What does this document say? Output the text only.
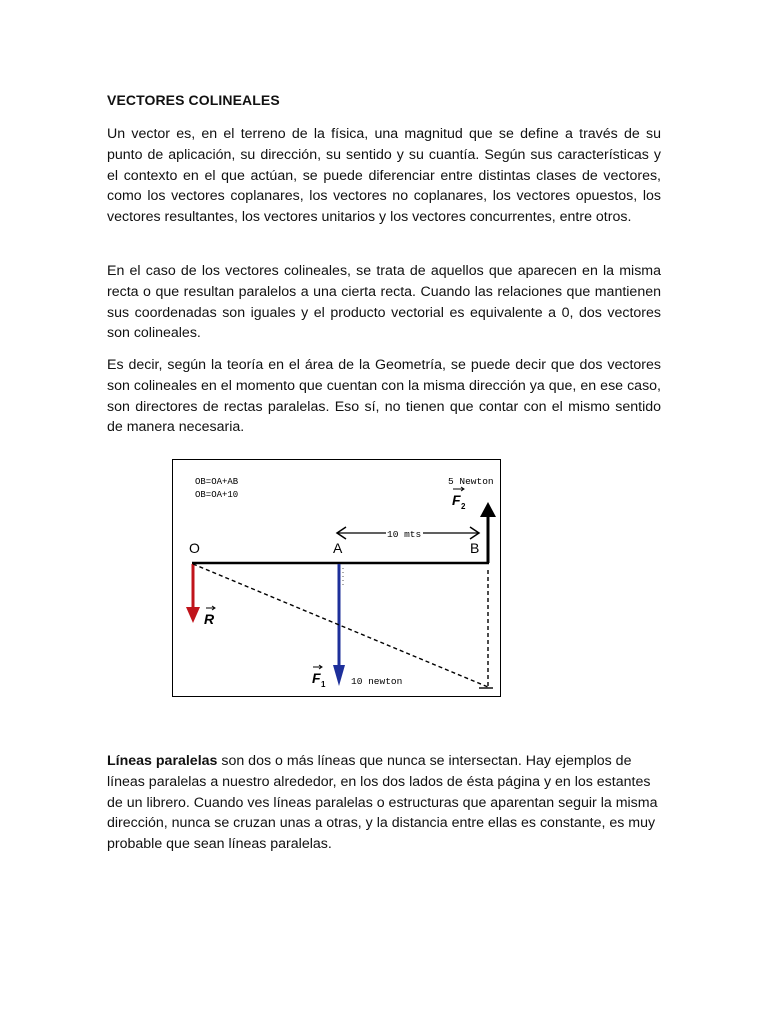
VECTORES COLINEALES

Un vector es, en el terreno de la física, una magnitud que se define a través de su punto de aplicación, su dirección, su sentido y su cuantía. Según sus características y el contexto en el que actúan, se puede diferenciar entre distintas clases de vectores, como los vectores coplanares, los vectores no coplanares, los vectores opuestos, los vectores resultantes, los vectores unitarios y los vectores concurrentes, entre otros.

En el caso de los vectores colineales, se trata de aquellos que aparecen en la misma recta o que resultan paralelos a una cierta recta. Cuando las relaciones que mantienen sus coordenadas son iguales y el producto vectorial es equivalente a 0, dos vectores son colineales.

Es decir, según la teoría en el área de la Geometría, se puede decir que dos vectores son colineales en el momento que cuentan con la misma dirección ya que, en ese caso, son directores de rectas paralelas. Eso sí, no tienen que contar con el mismo sentido de manera necesaria.

OB=OA+AB
OB=OA+10
5 Newton
F 2
O	A	B
10 mts
R
F 1	10 newton

Líneas paralelas son dos o más líneas que nunca se intersectan. Hay ejemplos de líneas paralelas a nuestro alrededor, en los dos lados de ésta página y en los estantes de un librero. Cuando ves líneas paralelas o estructuras que aparentan seguir la misma dirección, nunca se cruzan unas a otras, y la distancia entre ellas es constante, es muy probable que sean líneas paralelas.
